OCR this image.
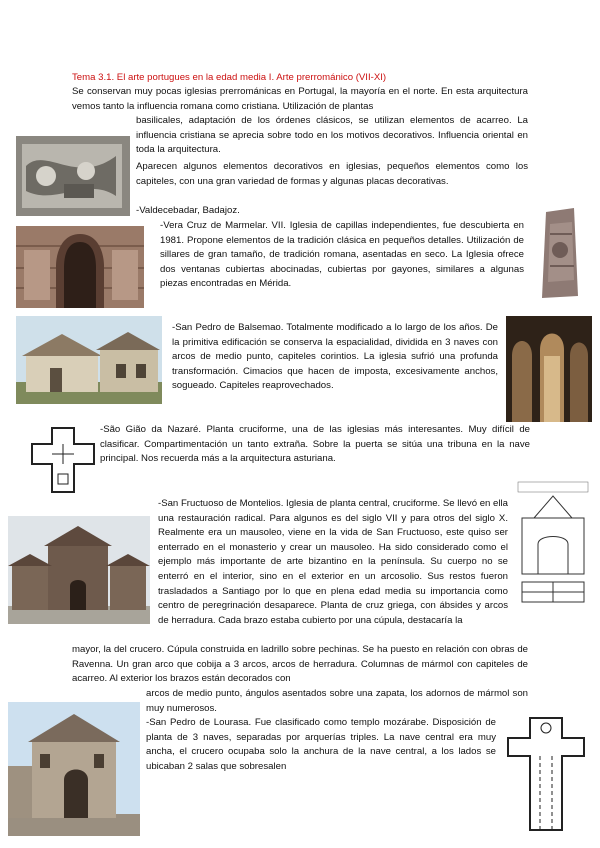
Tema 3.1. El arte portugues en la edad media I. Arte prerrománico (VII-XI)

Se conservan muy pocas iglesias prerrománicas en Portugal, la mayoría en el norte. En esta arquitectura vemos tanto la influencia romana como cristiana. Utilización de plantas

basilicales, adaptación de los órdenes clásicos, se utilizan elementos de acarreo. La influencia cristiana se aprecia sobre todo en los motivos decorativos. Influencia oriental en toda la arquitectura.

Aparecen algunos elementos decorativos en iglesias, pequeños elementos como los capiteles, con una gran variedad de formas y algunas placas decorativas.

-Valdecebadar, Badajoz.

-Vera Cruz de Marmelar. VII. Iglesia de capillas independientes, fue descubierta en 1981. Propone elementos de la tradición clásica en pequeños detalles. Utilización de sillares de gran tamaño, de tradición romana, asentadas en seco. La Iglesia ofrece dos ventanas cubiertas abocinadas, cubiertas por gayones, similares a algunas piezas encontradas en Mérida.

-San Pedro de Balsemao. Totalmente modificado a lo largo de los años. De la primitiva edificación se conserva la espacialidad, dividida en 3 naves con arcos de medio punto, capiteles corintios. La iglesia sufrió una profunda transformación. Cimacios que hacen de imposta, excesivamente anchos, sogueado. Capiteles reaprovechados.

-São Gião da Nazaré. Planta cruciforme, una de las iglesias más interesantes. Muy difícil de clasificar. Compartimentación un tanto extraña. Sobre la puerta se sitúa una tribuna en la nave principal. Nos recuerda más a la arquitectura asturiana.

-San Fructuoso de Montelios. Iglesia de planta central, cruciforme. Se llevó en ella una restauración radical. Para algunos es del siglo VII y para otros del siglo X. Realmente era un mausoleo, viene en la vida de San Fructuoso, este quiso ser enterrado en el monasterio y crear un mausoleo. Ha sido considerado como el ejemplo más importante de arte bizantino en la península. Su cuerpo no se enterró en el interior, sino en el exterior en un arcosolio. Sus restos fueron trasladados a Santiago por lo que en plena edad media su importancia como centro de peregrinación desaparece. Planta de cruz griega, con ábsides y arcos de herradura. Cada brazo estaba cubierto por una cúpula, destacaría la

mayor, la del crucero. Cúpula construida en ladrillo sobre pechinas. Se ha puesto en relación con obras de Ravenna. Un gran arco que cobija a 3 arcos, arcos de herradura. Columnas de mármol con capiteles de acarreo. Al exterior los brazos están decorados con

arcos de medio punto, ángulos asentados sobre una zapata, los adornos de mármol son muy numerosos.

-San Pedro de Lourasa. Fue clasificado como templo mozárabe. Disposición de planta de 3 naves, separadas por arquerías triples. La nave central era muy ancha, el crucero ocupaba solo la anchura de la nave central, a los lados se ubicaban 2 salas que sobresalen
